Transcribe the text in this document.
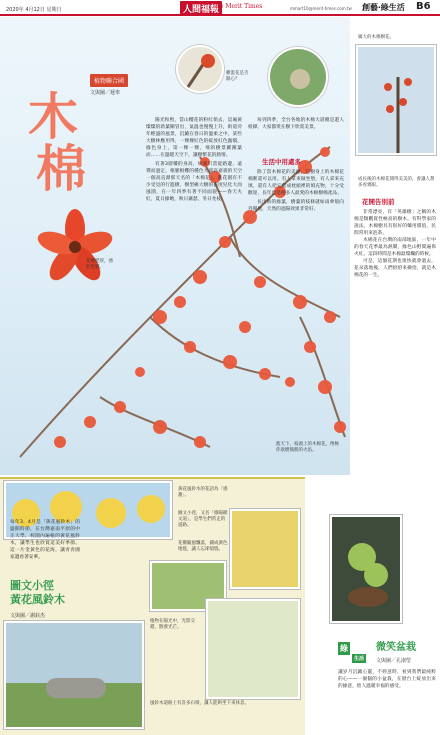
2020年 4月12日 星期日	人間福報
The Merit Times	mmart10@merit-times.com.tw 創藝‧綠生活 B6
植物聯合國
木
棉
文與圖／遲車
雞蛋花是否開心？
花瓣肥厚，強壯堅韌。
藍天下，枝頭上的木棉花，像極你欲燃熊熊的火焰。

陽光和煦，當山櫻花的粉紅領去，這廂黃燦燦的新葉剛冒出，氣溫也慢慢上升，街道旁年輕盛的風景，沉澱在春日的溫柔之中。某些大樹林應用得，一棵棵紅色的綻放紅色蟲翳，綠色身上，第一棵一棵，飛的樹景躍躍葉而……在溫暖天空下，讓樹繁花的熱情。

有著3層樓的身高，如果只當從路邊，遠聳而過定，根脈根難的種色大部高嘉義的天空一個高直瀑那天名的「木棉花」。進花園有不少受見的行進樹，樹型痛大樹的表度兒化大而風園，在一年四季有著不同面貌——春天火紅，夏日綠飽，秋日蕭瑟，冬日禿枝。

每到四季，全台各地的木棉大道總是遊人絡繹，大家都愛在樹下欣賞美景。

生活中用處多

除了當木棉花的美麗，它樹身上的木棉花棉絮還可以用。有人拿來做坐墊，有人拿來充填，還有人把它當成枕頭裡的填充物，十分受歡迎，長年也是很多人最愛的木棉樹棉產品。

長出新的綠葉，樹葉的枝條就如雨傘般向外開展，天然的遮陽效果非常好。

厲大的木棉樹花。
成長後的木棉花開得美美的，會讓人想多看幾眼。
花開告別前

非常漂亮，有「英雄樹」之稱的木棉是類觀賞性極高的樹木。有科學家的說法，木棉樹具有很好的藥用價值，民間常用來泡茶。

木棉花在台灣的南部地區，一年中的春天花季最為熱鬧，綠色山野間遍佈火紅。這段時間是木棉最燦爛的時候。

可是，這個花期也很快就會過去，花朵落地後，人們紛紛來撿拾，就是木棉花的一生。

黃花風鈴木的花語為「感謝」。
圖文小徑，又名「綠陽歐文道」，是學生們常走的道路。
花瓣隨風飄落，鋪成黃色地毯，讓人忘卻煩惱。
圖文小徑
黃花風鈴木
文與圖／謝鈺杰
每年3、4月是「黃花風鈴木」的盛開時節，在台灣嘉南平原的中正大學，校園內遍植的黃花風鈴木，讓學生也欣賞這美好季節。這一片金黃色的花海，讓青青國家邊看著安華。
植物在陽光中，光影交錯，散發光芒。
風鈴木道路上有許多石椅，讓人能夠坐下來休息。
綠
生活
微笑盆栽
文與圖／孔淑瑩
讓岁月沉澱心靈，不經意時，看到我們最純粹的心——一個個的小盆栽，在窗台上綻放出來的綠意，給人溫暖幸福的感受。
